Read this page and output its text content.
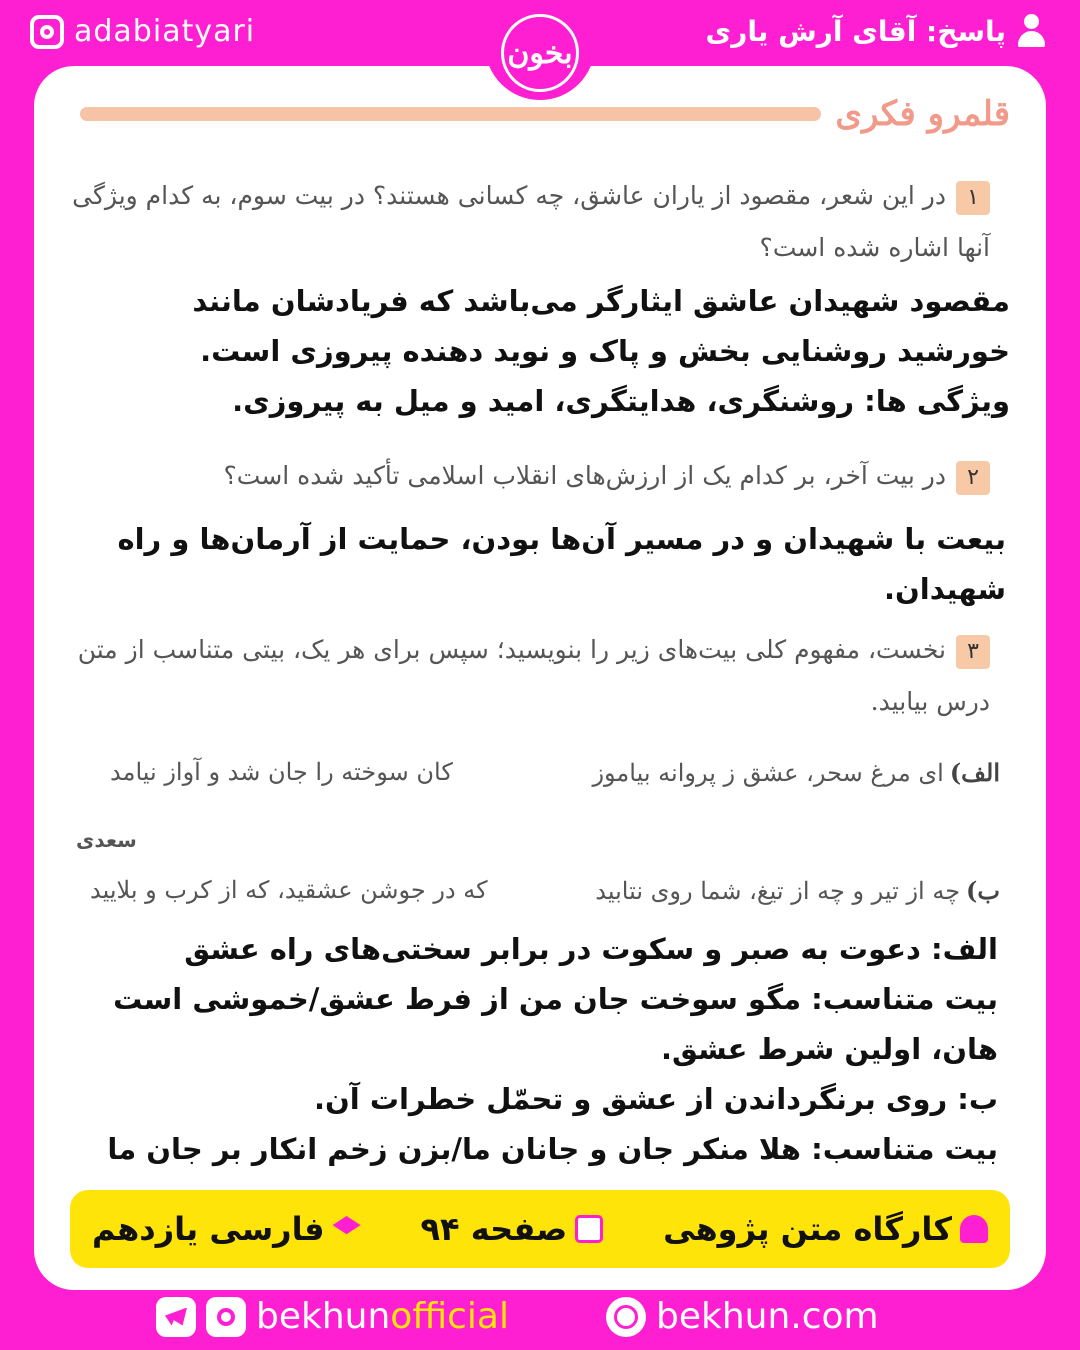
adabiatyari	پاسخ: آقای آرش یاری
قلمرو فکری
۱در این شعر، مقصود از یاران عاشق، چه کسانی هستند؟ در بیت سوم، به کدام ویژگی آنها اشاره شده است؟
مقصود شهیدان عاشق ایثارگر می‌باشد که فریادشان مانند خورشید روشنایی بخش و پاک و نوید دهنده پیروزی است.
ویژگی ها: روشنگری، هدایتگری، امید و میل به پیروزی.
۲در بیت آخر، بر کدام یک از ارزش‌های انقلاب اسلامی تأکید شده است؟
بیعت با شهیدان و در مسیر آن‌ها بودن، حمایت از آرمان‌ها و راه شهیدان.
۳نخست، مفهوم کلی بیت‌های زیر را بنویسید؛ سپس برای هر یک، بیتی متناسب از متن درس بیابید.
الف)ای مرغ سحر، عشق ز پروانه بیاموز
کان سوخته را جان شد و آواز نیامد
سعدی
ب)چه از تیر و چه از تیغ، شما روی نتابید
که در جوشن عشقید، که از کرب و بلایید
الف: دعوت به صبر و سکوت در برابر سختی‌های راه عشق
بیت متناسب: مگو سوخت جان من از فرط عشق/خموشی است هان، اولین شرط عشق.
ب: روی برنگرداندن از عشق و تحمّل خطرات آن.
بیت متناسب: هلا منکر جان و جانان ما/بزن زخم انکار بر جان ما
بخون
کارگاه متن پژوهی
صفحه ۹۴
فارسی یازدهم
bekhunofficial	bekhun.com
